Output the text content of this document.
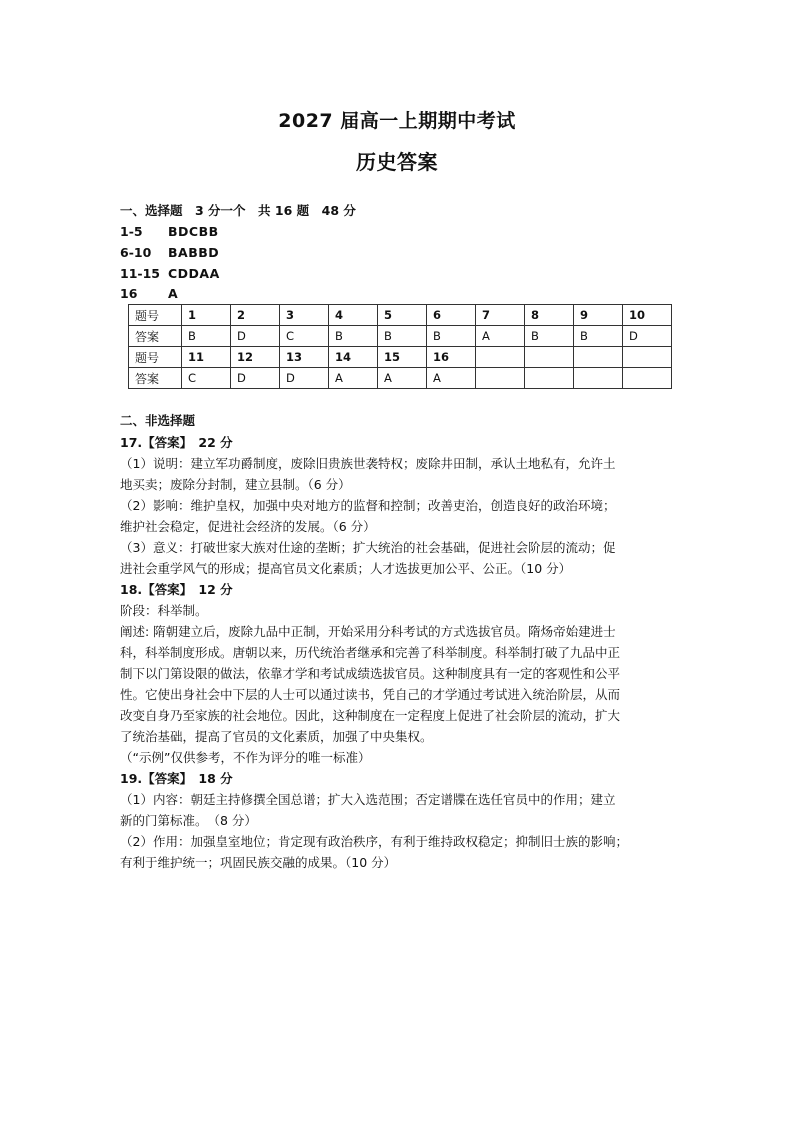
2027 届高一上期期中考试
历史答案
一、选择题　3 分一个　共 16 题　48 分
1-5 BDCBB
6-10 BABBD
11-15 CDDAA
16 A
题号	1	2	3	4	5	6	7	8	9	10
答案	B	D	C	B	B	B	A	B	B	D
题号	11	12	13	14	15	16				
答案	C	D	D	A	A	A				
二、非选择题
17.【答案】　22 分
（1）说明：建立军功爵制度，废除旧贵族世袭特权；废除井田制，承认土地私有，允许土
地买卖；废除分封制，建立县制。（6 分）
（2）影响：维护皇权，加强中央对地方的监督和控制；改善吏治，创造良好的政治环境；
维护社会稳定，促进社会经济的发展。（6 分）
（3）意义：打破世家大族对仕途的垄断；扩大统治的社会基础，促进社会阶层的流动；促
进社会重学风气的形成；提高官员文化素质；人才选拔更加公平、公正。（10 分）
18.【答案】　12 分
阶段：科举制。
阐述: 隋朝建立后，废除九品中正制，开始采用分科考试的方式选拔官员。隋炀帝始建进士
科，科举制度形成。唐朝以来，历代统治者继承和完善了科举制度。科举制打破了九品中正
制下以门第设限的做法，依靠才学和考试成绩选拔官员。这种制度具有一定的客观性和公平
性。它使出身社会中下层的人士可以通过读书，凭自己的才学通过考试进入统治阶层，从而
改变自身乃至家族的社会地位。因此，这种制度在一定程度上促进了社会阶层的流动，扩大
了统治基础，提高了官员的文化素质，加强了中央集权。
（“示例”仅供参考，不作为评分的唯一标准）
19.【答案】　18 分
（1）内容：朝廷主持修撰全国总谱；扩大入选范围；否定谱牒在选任官员中的作用；建立
新的门第标准。　（8 分）
（2）作用：加强皇室地位；肯定现有政治秩序，有利于维持政权稳定；抑制旧士族的影响；
有利于维护统一；巩固民族交融的成果。（10 分）
